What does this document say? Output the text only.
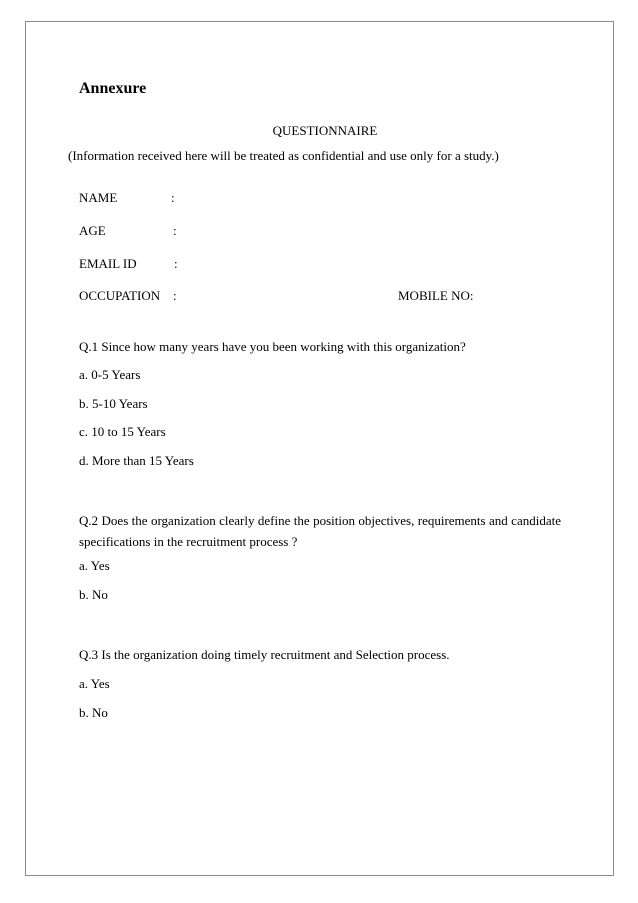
Annexure
QUESTIONNAIRE
(Information received here will be treated as confidential and use only for a study.)
NAME	:
AGE	:
EMAIL ID	:
OCCUPATION :	MOBILE NO:
Q.1 Since how many years have you been working with this organization?
a. 0-5 Years
b. 5-10 Years
c. 10 to 15 Years
d. More than 15 Years
Q.2 Does the organization clearly define the position objectives, requirements and candidate specifications in the recruitment process ?
a. Yes
b. No
Q.3 Is the organization doing timely recruitment and Selection process.
a. Yes
b. No
